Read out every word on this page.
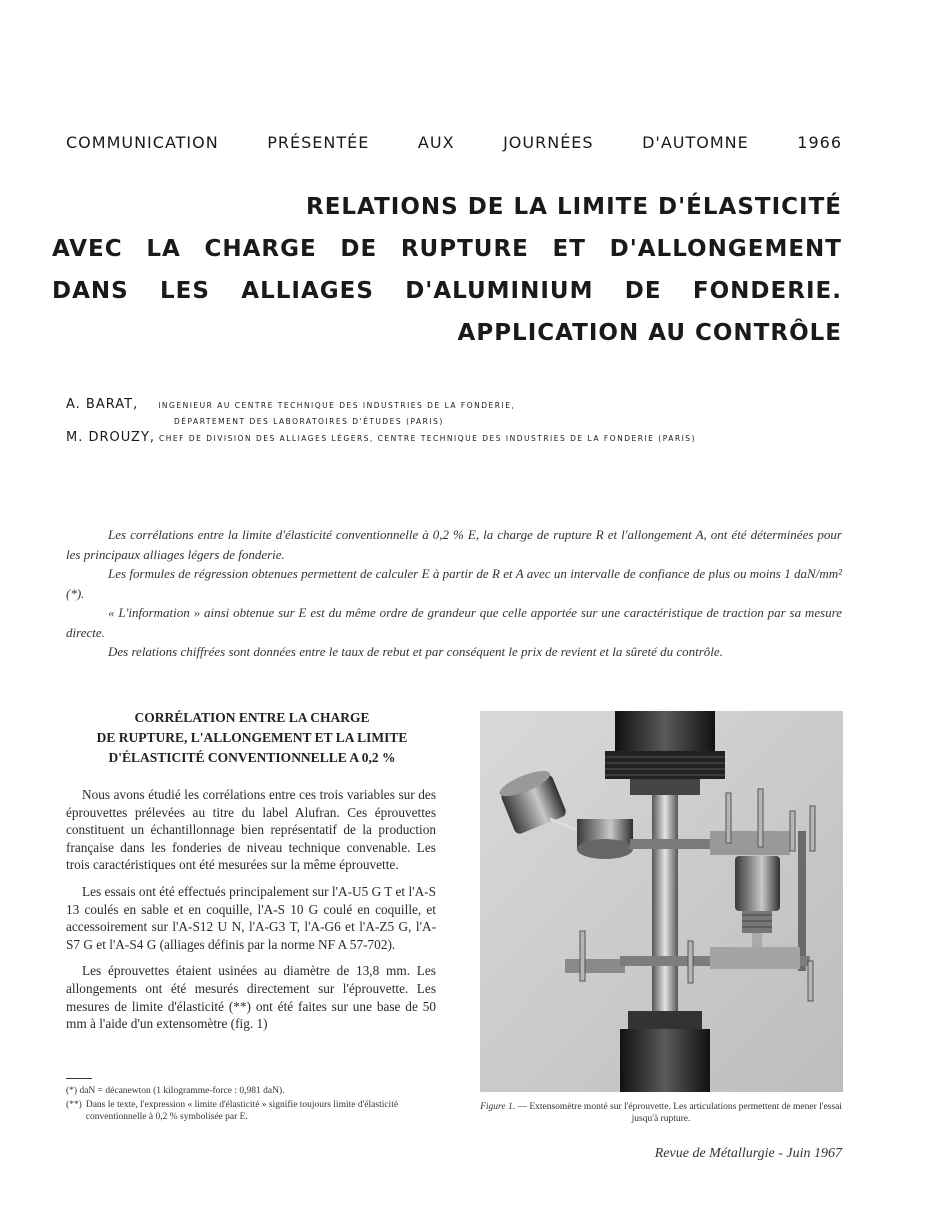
COMMUNICATION	PRÉSENTÉE	AUX	JOURNÉES	D'AUTOMNE	1966
RELATIONS DE LA LIMITE D'ÉLASTICITÉ
AVEC LA CHARGE DE RUPTURE ET D'ALLONGEMENT
DANS LES ALLIAGES D'ALUMINIUM DE FONDERIE.
APPLICATION AU CONTRÔLE
A. BARAT,	INGENIEUR AU CENTRE TECHNIQUE DES INDUSTRIES DE LA FONDERIE,
DÉPARTEMENT DES LABORATOIRES D'ÉTUDES (PARIS)
M. DROUZY, CHEF DE DIVISION DES ALLIAGES LÉGERS, CENTRE TECHNIQUE DES INDUSTRIES DE LA FONDERIE (PARIS)

Les corrélations entre la limite d'élasticité conventionnelle à 0,2 % E, la charge de rupture R et l'allongement A, ont été déterminées pour les principaux alliages légers de fonderie.

Les formules de régression obtenues permettent de calculer E à partir de R et A avec un intervalle de confiance de plus ou moins 1 daN/mm² (*).

« L'information » ainsi obtenue sur E est du même ordre de grandeur que celle apportée sur une caractéristique de traction par sa mesure directe.

Des relations chiffrées sont données entre le taux de rebut et par conséquent le prix de revient et la sûreté du contrôle.

CORRÉLATION ENTRE LA CHARGE
DE RUPTURE, L'ALLONGEMENT ET LA LIMITE
D'ÉLASTICITÉ CONVENTIONNELLE A 0,2 %

Nous avons étudié les corrélations entre ces trois variables sur des éprouvettes prélevées au titre du label Alufran. Ces éprouvettes constituent un échantillonnage bien représentatif de la production française dans les fonderies de niveau technique convenable. Les trois caractéristiques ont été mesurées sur la même éprouvette.

Les essais ont été effectués principalement sur l'A-U5 G T et l'A-S 13 coulés en sable et en coquille, l'A-S 10 G coulé en coquille, et accessoirement sur l'A-S12 U N, l'A-G3 T, l'A-G6 et l'A-Z5 G, l'A-S7 G et l'A-S4 G (alliages définis par la norme NF A 57-702).

Les éprouvettes étaient usinées au diamètre de 13,8 mm. Les allongements ont été mesurés directement sur l'éprouvette. Les mesures de limite d'élasticité (**) ont été faites sur une base de 50 mm à l'aide d'un extensomètre (fig. 1)

(*) daN = décanewton (1 kilogramme-force : 0,981 daN).
(**) Dans le texte, l'expression « limite d'élasticité » signifie toujours limite d'élasticité conventionnelle à 0,2 % symbolisée par E.
Figure 1. — Extensomètre monté sur l'éprouvette. Les articulations permettent de mener l'essai jusqu'à rupture.
Revue de Métallurgie - Juin 1967
